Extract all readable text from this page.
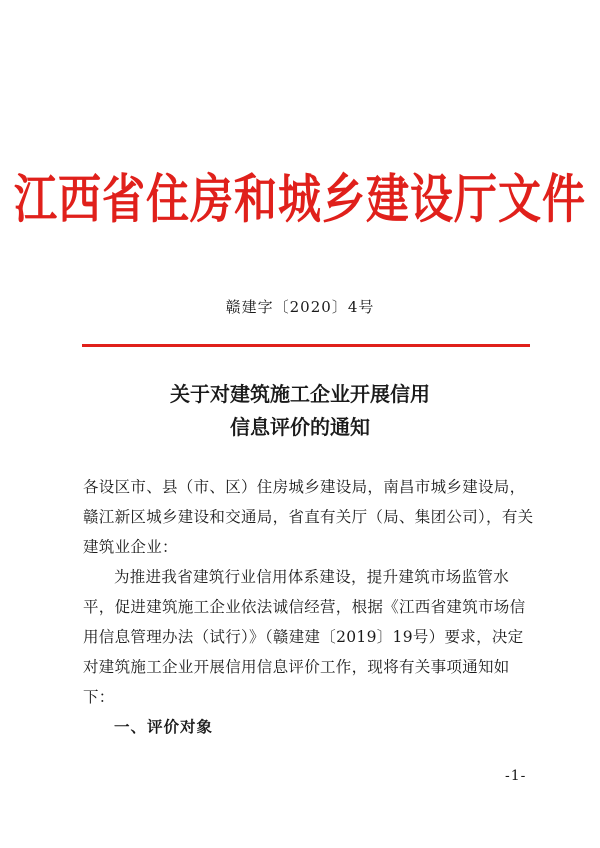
江西省住房和城乡建设厅文件
赣建字〔2020〕4号
关于对建筑施工企业开展信用
信息评价的通知
各设区市、县（市、区）住房城乡建设局，南昌市城乡建设局，
赣江新区城乡建设和交通局，省直有关厅（局、集团公司），有关
建筑业企业：
为推进我省建筑行业信用体系建设，提升建筑市场监管水
平，促进建筑施工企业依法诚信经营，根据《江西省建筑市场信
用信息管理办法（试行）》（赣建建〔2019〕19号）要求，决定
对建筑施工企业开展信用信息评价工作，现将有关事项通知如
下：
一、评价对象
-1-
